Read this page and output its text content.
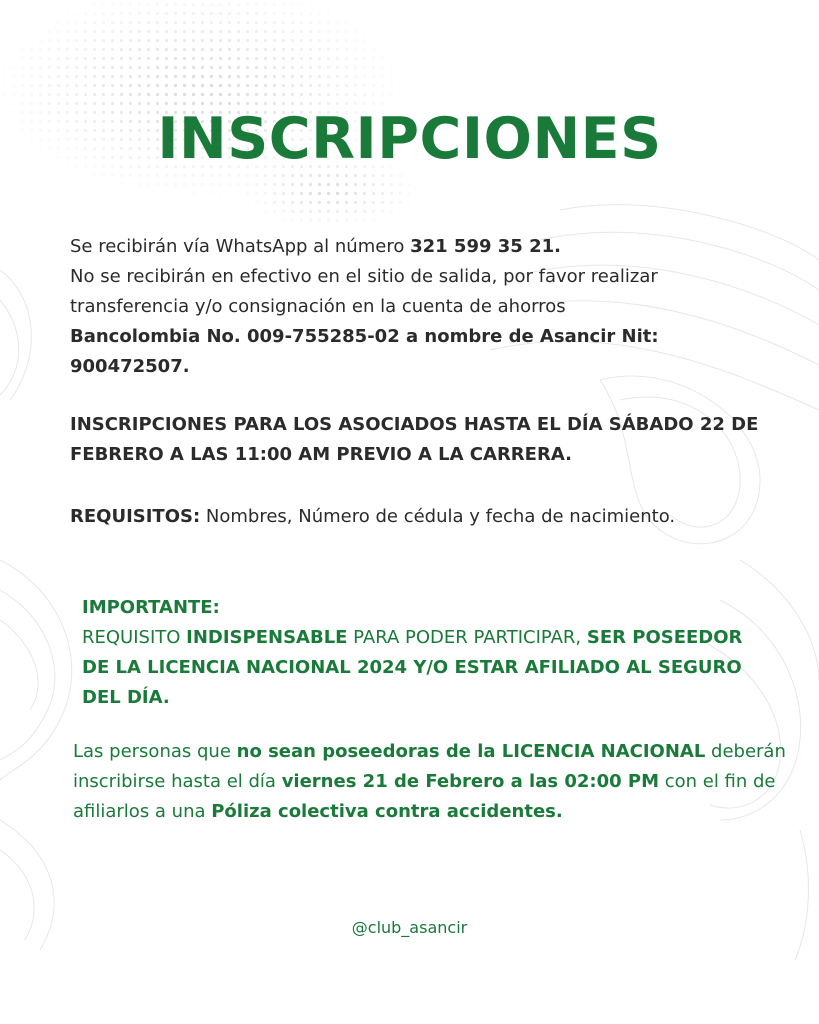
INSCRIPCIONES
Se recibirán vía WhatsApp al número 321 599 35 21.
No se recibirán en efectivo en el sitio de salida, por favor realizar
transferencia y/o consignación en la cuenta de ahorros
Bancolombia No. 009-755285-02 a nombre de Asancir Nit: 900472507.
INSCRIPCIONES PARA LOS ASOCIADOS HASTA EL DÍA SÁBADO 22 DE FEBRERO A LAS 11:00 AM PREVIO A LA CARRERA.
REQUISITOS: Nombres, Número de cédula y fecha de nacimiento.
IMPORTANTE:
REQUISITO INDISPENSABLE PARA PODER PARTICIPAR, SER POSEEDOR DE LA LICENCIA NACIONAL 2024 Y/O ESTAR AFILIADO AL SEGURO DEL DÍA.
Las personas que no sean poseedoras de la LICENCIA NACIONAL deberán inscribirse hasta el día viernes 21 de Febrero a las 02:00 PM con el fin de afiliarlos a una Póliza colectiva contra accidentes.
@club_asancir
